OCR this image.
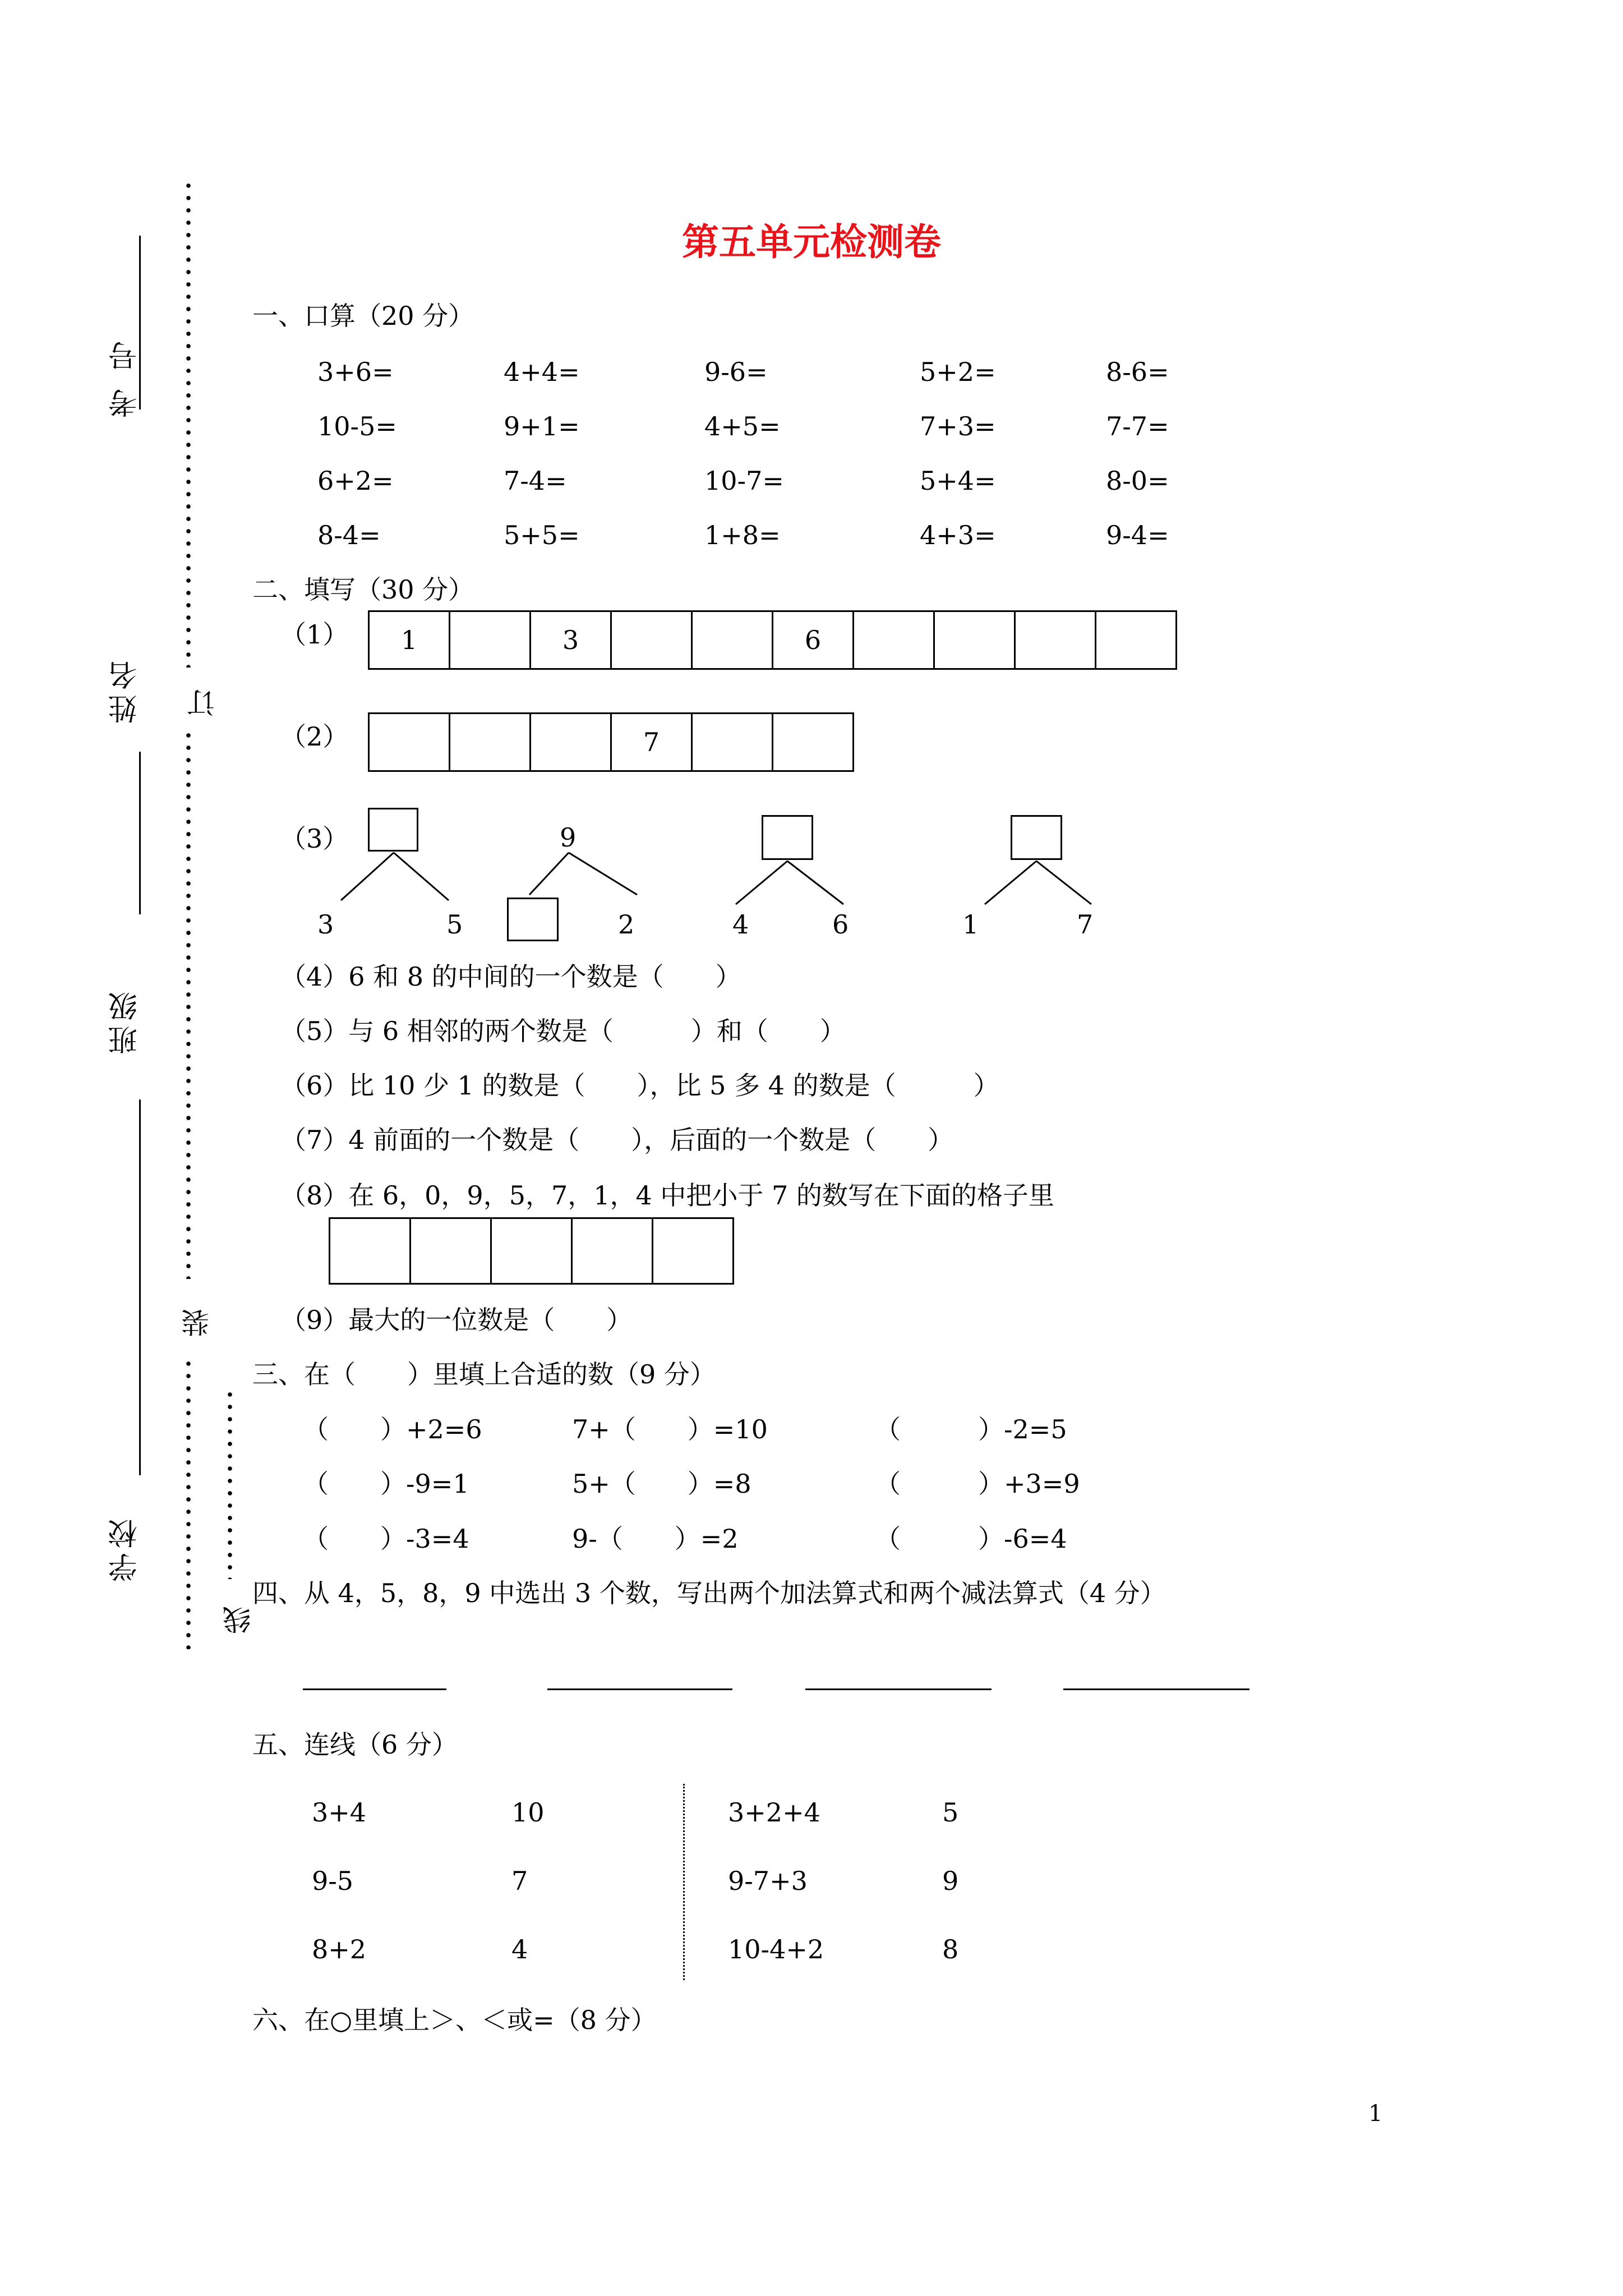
考 号
姓名
班级
学校
订
装
线
第五单元检测卷
一、口算（20 分）
3+6=	4+4=	9-6=	5+2=	8-6=
10-5=	9+1=	4+5=	7+3=	7-7=
6+2=	7-4=	10-7=	5+4=	8-0=
8-4=	5+5=	1+8=	4+3=	9-4=
二、填写（30 分）
（1）	1	3	6
（2）	7
（3）
3	5
9
2	4	6	1	7
（4）6 和 8 的中间的一个数是（　　）
（5）与 6 相邻的两个数是（　　　）和（　　）
（6）比 10 少 1 的数是（　　），比 5 多 4 的数是（　　　）
（7）4 前面的一个数是（　　），后面的一个数是（　　）
（8）在 6，0，9，5，7，1，4 中把小于 7 的数写在下面的格子里
（9）最大的一位数是（　　）
三、在（　　）里填上合适的数（9 分）
（　　）+2=6	7+（　　）=10	（　　　）-2=5
（　　）-9=1	5+（　　）=8	（　　　）+3=9
（　　）-3=4	9-（　　）=2	（　　　）-6=4
四、从 4，5，8，9 中选出 3 个数，写出两个加法算式和两个减法算式（4 分）
五、连线（6 分）
3+4	10
9-5	7
8+2	4
3+2+4	5
9-7+3	9
10-4+2	8
六、在○里填上＞、＜或=（8 分）
1
